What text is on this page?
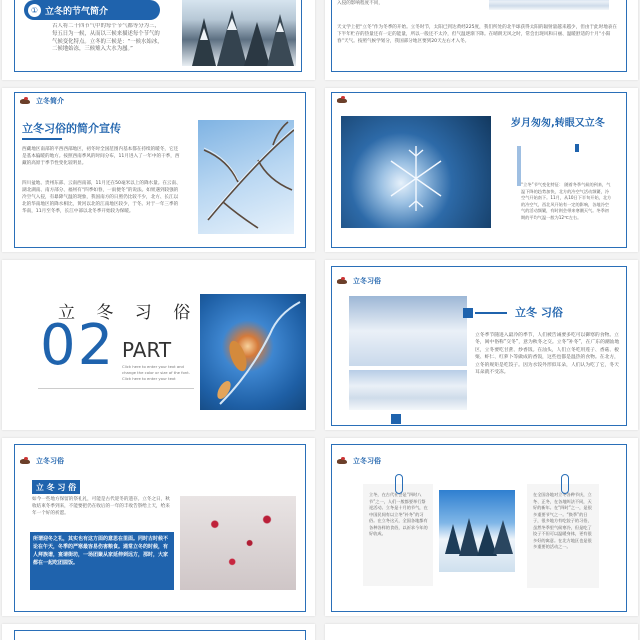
① 立冬的节气简介
古人将二十四节气中的每个节气都等分为三，每五日为一候，从而以三候来描述每个节气的气候变化特点。立冬的三候是：“一候水始冰，二候地始冻，三候雉入大水为蜃。”
入侵的影响程度不同，
天文学上把“立冬”作为冬季的开始。立冬时节，太阳已到达黄经225度，我们所处的北半球获得太阳的辐射量越来越少，但由于此时地表在下半年贮存的热量还有一定的能量，所以一般还不太冷，但气温逐渐下降。在晴朗无风之时，常会出现风和日丽、温暖舒适的十月“小阳春”天气。按照气候学划分，我国部分地区要到20天左右才入冬。
立冬简介
立冬习俗的简介宣传
西藏地区南部的平西西部地区，初冬时全国范围内基本都在持续的暖冬，它还是基本偏暖的地方。按照西南季风的时间分布，11月进入了一年中的干季，西藏的高原于季节性变化较明显。
四川盆地、贵州东部、云南西南部，11月还在50毫米以上的降水量。在云南、湖北湖南、南方部分、福州有“四季如春，一雨便冬”的说法。如果遇到较强的冷空气入侵，有暴降气温的现象，我国南方的日照仍比较不少，北方、长江以北的华南地区的降水相比，黄河以北的江南地区较少，于冬。对于一年三季的华南，11月至冬季，长江中部以北冬季开始较为保暖。
岁月匆匆,转眼又立冬
“立冬”节气变化特征： 随着冬季气候的到来，气温下降的趋势加快，北方的冷空气活动频繁，冷空气开始南下。11月，从10日下半旬开始，北方的冷空气，西北风开始有一定的影响，各地冷空气的活动频繁，有时则会带来寒潮天气。冬季初期的平均气温一般为12℃左右。
立 冬 习 俗
02 PART
Click here to enter your text and change the color or size of the font. Click here to enter your text
立冬习俗
立冬 习俗
立冬季节随进入最冷的季节，人们被告诫要多吃可以御寒的食物。立冬，闽中俗称“交冬”，意为秋冬之交。立冬“补冬”，在广东的潮汕地区，立冬要吃甘蔗、炒香饭。在汕头，人们立冬吃用莲子、香菇、板栗、虾仁、红萝卜等做成的香饭，这些也都是温热的食物。在北方，立冬的规矩是吃饺子。因为水饺外形似耳朵，人们认为吃了它，冬天耳朵就不受冻。
立冬习俗
立 冬 习 俗
如今一些地方保留的祭礼礼，可能是古代迎冬的遗存。立冬之日，秋收结束冬季到来，不能要把仍在收后的一年的丰收告祭给上天，给来年一个好的祈愿。
所谓迎冬之礼，其实也有这方面的意思在里面。同时古时候不论在午天，冬季的严寒最容易伤害粮食。通常立冬的时候，有人拜族谱，宴请街坊，一场团聚从家延伸到远方，那时，大家都在一起吃团圆饭。
立冬习俗
立冬，在古代社会是“四时八节”之一，人们一般都要举行祭祀活动。立冬是十月的节气，在中国民间有以立冬“补冬”的习俗。在立冬这天，全国各地都有各种各样的食俗，以祈求今年的好收成。
在全国各地对立冬各种节庆，立冬、正冬，在各地叫法不同，天好的新年。在“四时”之一，是很多重要节气之一。“换季”的日子，很多地方有吃饺子的习俗，虽然冬季里气候寒冷，但是吃了饺子不但可以温暖身体，更有很多好的寓意。在北方地区也是很多重要的活动之一。
